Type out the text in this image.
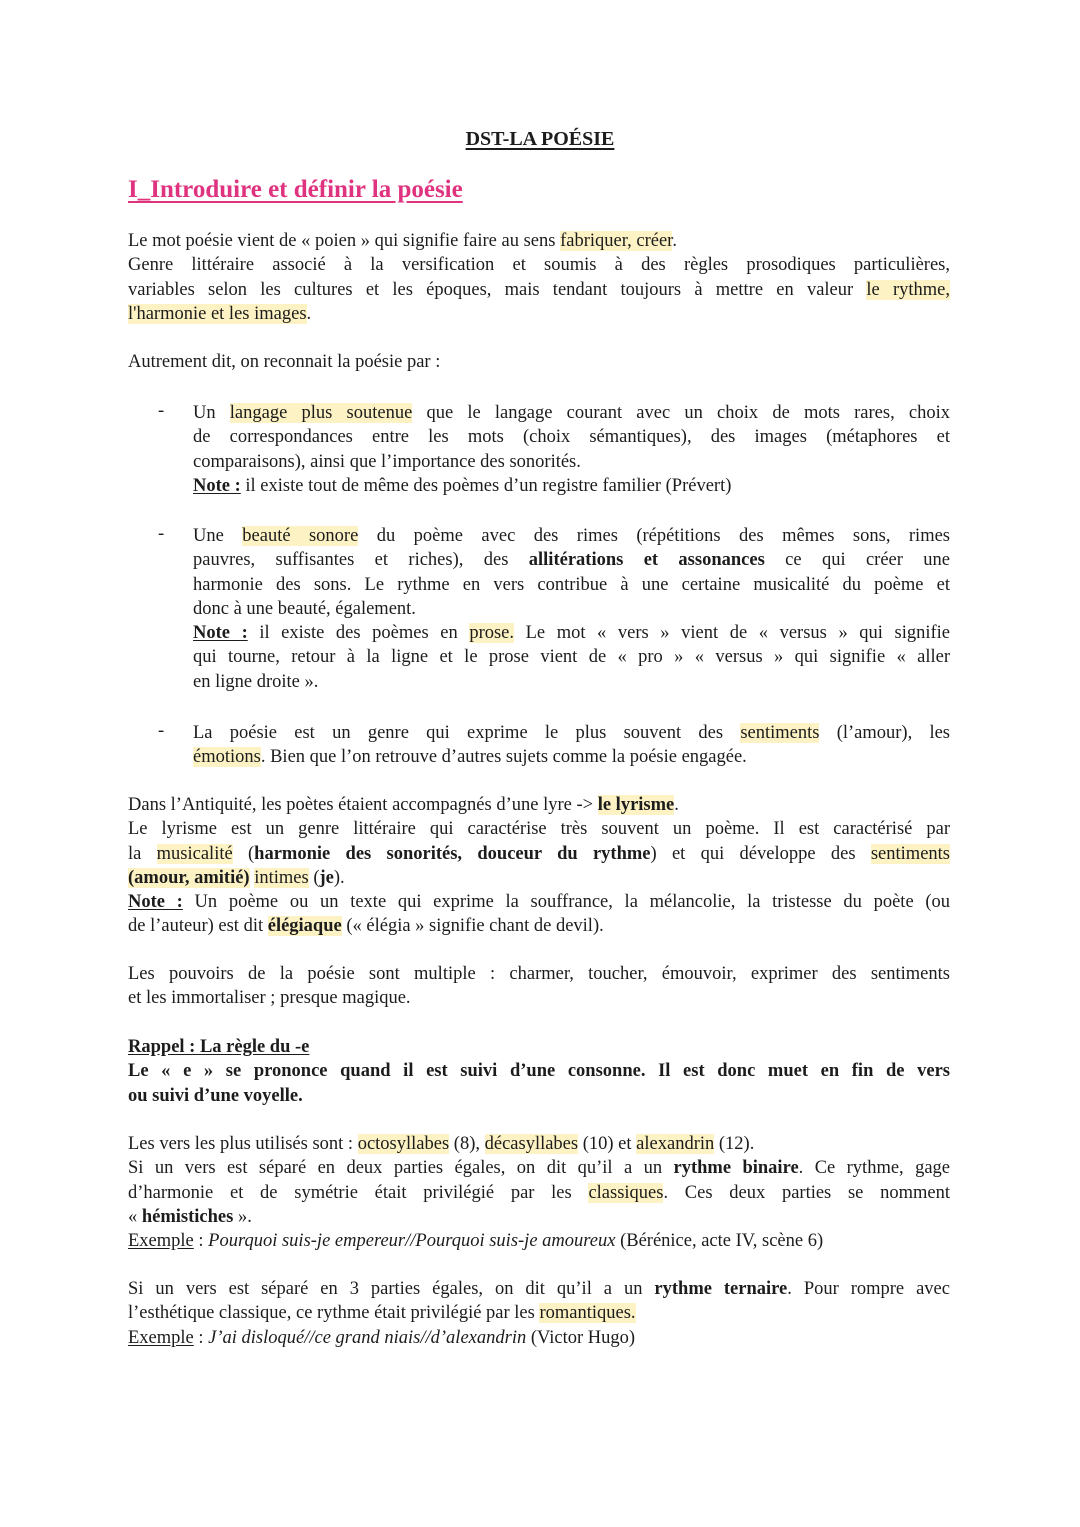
DST-LA POÉSIE
I_Introduire et définir la poésie
Le mot poésie vient de « poien » qui signifie faire au sens fabriquer, créer.
Genre littéraire associé à la versification et soumis à des règles prosodiques particulières,
variables selon les cultures et les époques, mais tendant toujours à mettre en valeur le rythme,
l'harmonie et les images.
Autrement dit, on reconnait la poésie par :
- Un langage plus soutenue que le langage courant avec un choix de mots rares, choix
de correspondances entre les mots (choix sémantiques), des images (métaphores et
comparaisons), ainsi que l’importance des sonorités.
Note : il existe tout de même des poèmes d’un registre familier (Prévert)
- Une beauté sonore du poème avec des rimes (répétitions des mêmes sons, rimes
pauvres, suffisantes et riches), des allitérations et assonances ce qui créer une
harmonie des sons. Le rythme en vers contribue à une certaine musicalité du poème et
donc à une beauté, également.
Note : il existe des poèmes en prose. Le mot « vers » vient de « versus » qui signifie
qui tourne, retour à la ligne et le prose vient de « pro » « versus » qui signifie « aller
en ligne droite ».
- La poésie est un genre qui exprime le plus souvent des sentiments (l’amour), les
émotions. Bien que l’on retrouve d’autres sujets comme la poésie engagée.
Dans l’Antiquité, les poètes étaient accompagnés d’une lyre -> le lyrisme.
Le lyrisme est un genre littéraire qui caractérise très souvent un poème. Il est caractérisé par
la musicalité (harmonie des sonorités, douceur du rythme) et qui développe des sentiments
(amour, amitié) intimes (je).
Note : Un poème ou un texte qui exprime la souffrance, la mélancolie, la tristesse du poète (ou
de l’auteur) est dit élégiaque (« élégia » signifie chant de devil).
Les pouvoirs de la poésie sont multiple : charmer, toucher, émouvoir, exprimer des sentiments
et les immortaliser ; presque magique.
Rappel : La règle du -e
Le « e » se prononce quand il est suivi d’une consonne. Il est donc muet en fin de vers
ou suivi d’une voyelle.
Les vers les plus utilisés sont : octosyllabes (8), décasyllabes (10) et alexandrin (12).
Si un vers est séparé en deux parties égales, on dit qu’il a un rythme binaire. Ce rythme, gage
d’harmonie et de symétrie était privilégié par les classiques. Ces deux parties se nomment
« hémistiches ».
Exemple : Pourquoi suis-je empereur//Pourquoi suis-je amoureux (Bérénice, acte IV, scène 6)
Si un vers est séparé en 3 parties égales, on dit qu’il a un rythme ternaire. Pour rompre avec
l’esthétique classique, ce rythme était privilégié par les romantiques.
Exemple : J’ai disloqué//ce grand niais//d’alexandrin (Victor Hugo)
